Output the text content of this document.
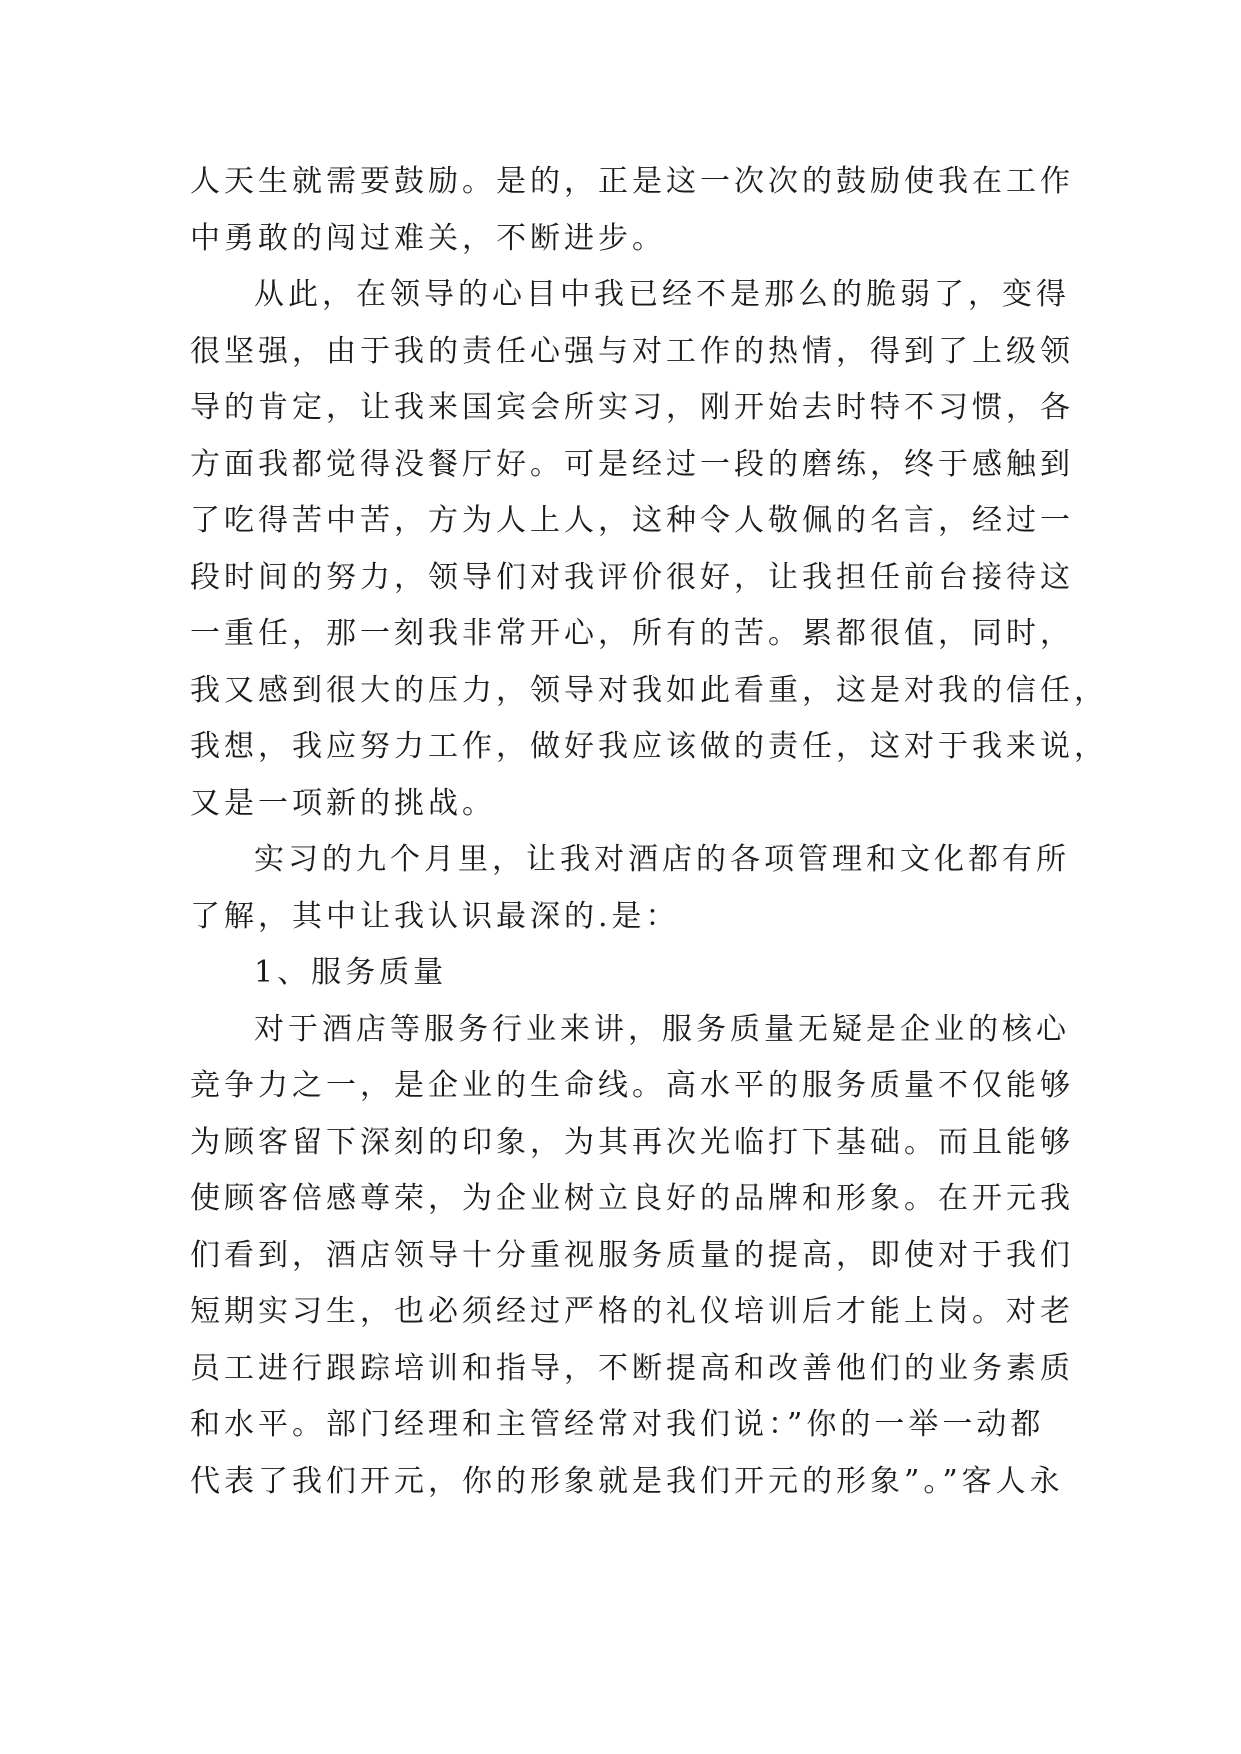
人天生就需要鼓励。是的，正是这一次次的鼓励使我在工作
中勇敢的闯过难关，不断进步。
从此，在领导的心目中我已经不是那么的脆弱了，变得
很坚强，由于我的责任心强与对工作的热情，得到了上级领
导的肯定，让我来国宾会所实习，刚开始去时特不习惯，各
方面我都觉得没餐厅好。可是经过一段的磨练，终于感触到
了吃得苦中苦，方为人上人，这种令人敬佩的名言，经过一
段时间的努力，领导们对我评价很好，让我担任前台接待这
一重任，那一刻我非常开心，所有的苦。累都很值，同时，
我又感到很大的压力，领导对我如此看重，这是对我的信任，
我想，我应努力工作，做好我应该做的责任，这对于我来说，
又是一项新的挑战。
实习的九个月里，让我对酒店的各项管理和文化都有所
了解，其中让我认识最深的.是：
1、服务质量
对于酒店等服务行业来讲，服务质量无疑是企业的核心
竞争力之一，是企业的生命线。高水平的服务质量不仅能够
为顾客留下深刻的印象，为其再次光临打下基础。而且能够
使顾客倍感尊荣，为企业树立良好的品牌和形象。在开元我
们看到，酒店领导十分重视服务质量的提高，即使对于我们
短期实习生，也必须经过严格的礼仪培训后才能上岗。对老
员工进行跟踪培训和指导，不断提高和改善他们的业务素质
和水平。部门经理和主管经常对我们说：”你的一举一动都
代表了我们开元，你的形象就是我们开元的形象”。”客人永
